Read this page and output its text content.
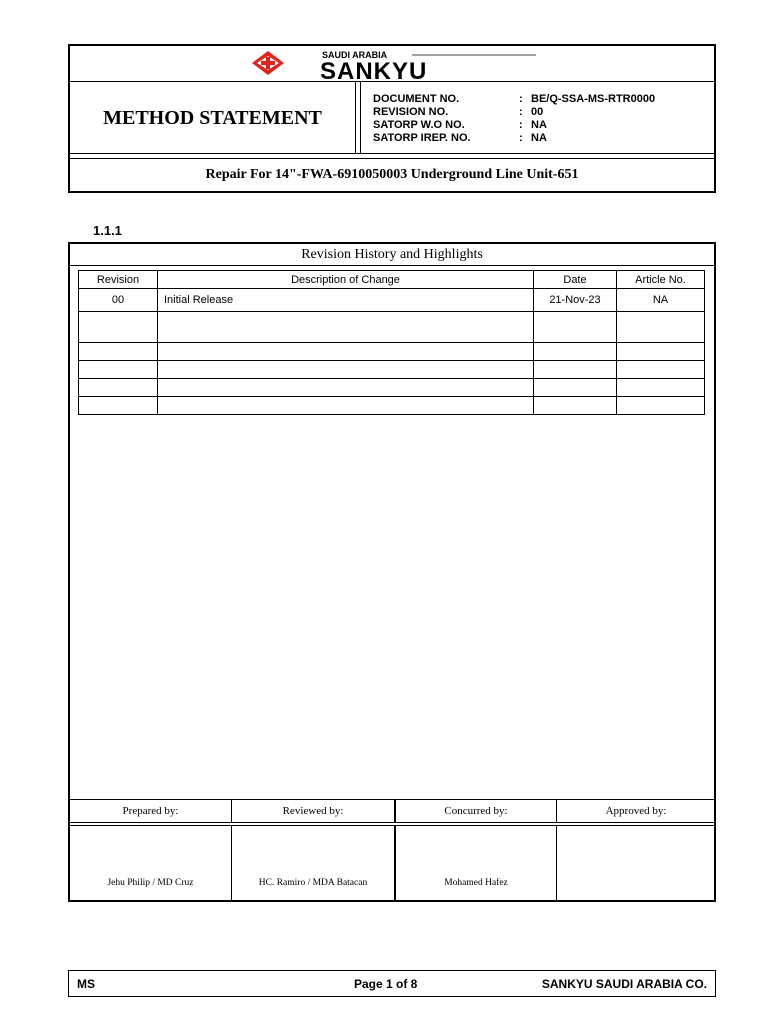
SAUDI ARABIA
SANKYU
METHOD STATEMENT
DOCUMENT NO.	: BE/Q-SSA-MS-RTR0000
REVISION NO.	: 00
SATORP W.O NO.	: NA
SATORP IREP. NO.	: NA
Repair For 14"-FWA-6910050003 Underground Line Unit-651
1.1.1
Revision History and Highlights
Revision	Description of Change	Date	Article No.
00	Initial Release	21-Nov-23	NA

Prepared by:	Reviewed by:	Concurred by:	Approved by:
Jehu Philip / MD Cruz	HC. Ramiro / MDA Batacan	Mohamed Hafez
MS	Page 1 of 8	SANKYU SAUDI ARABIA CO.
